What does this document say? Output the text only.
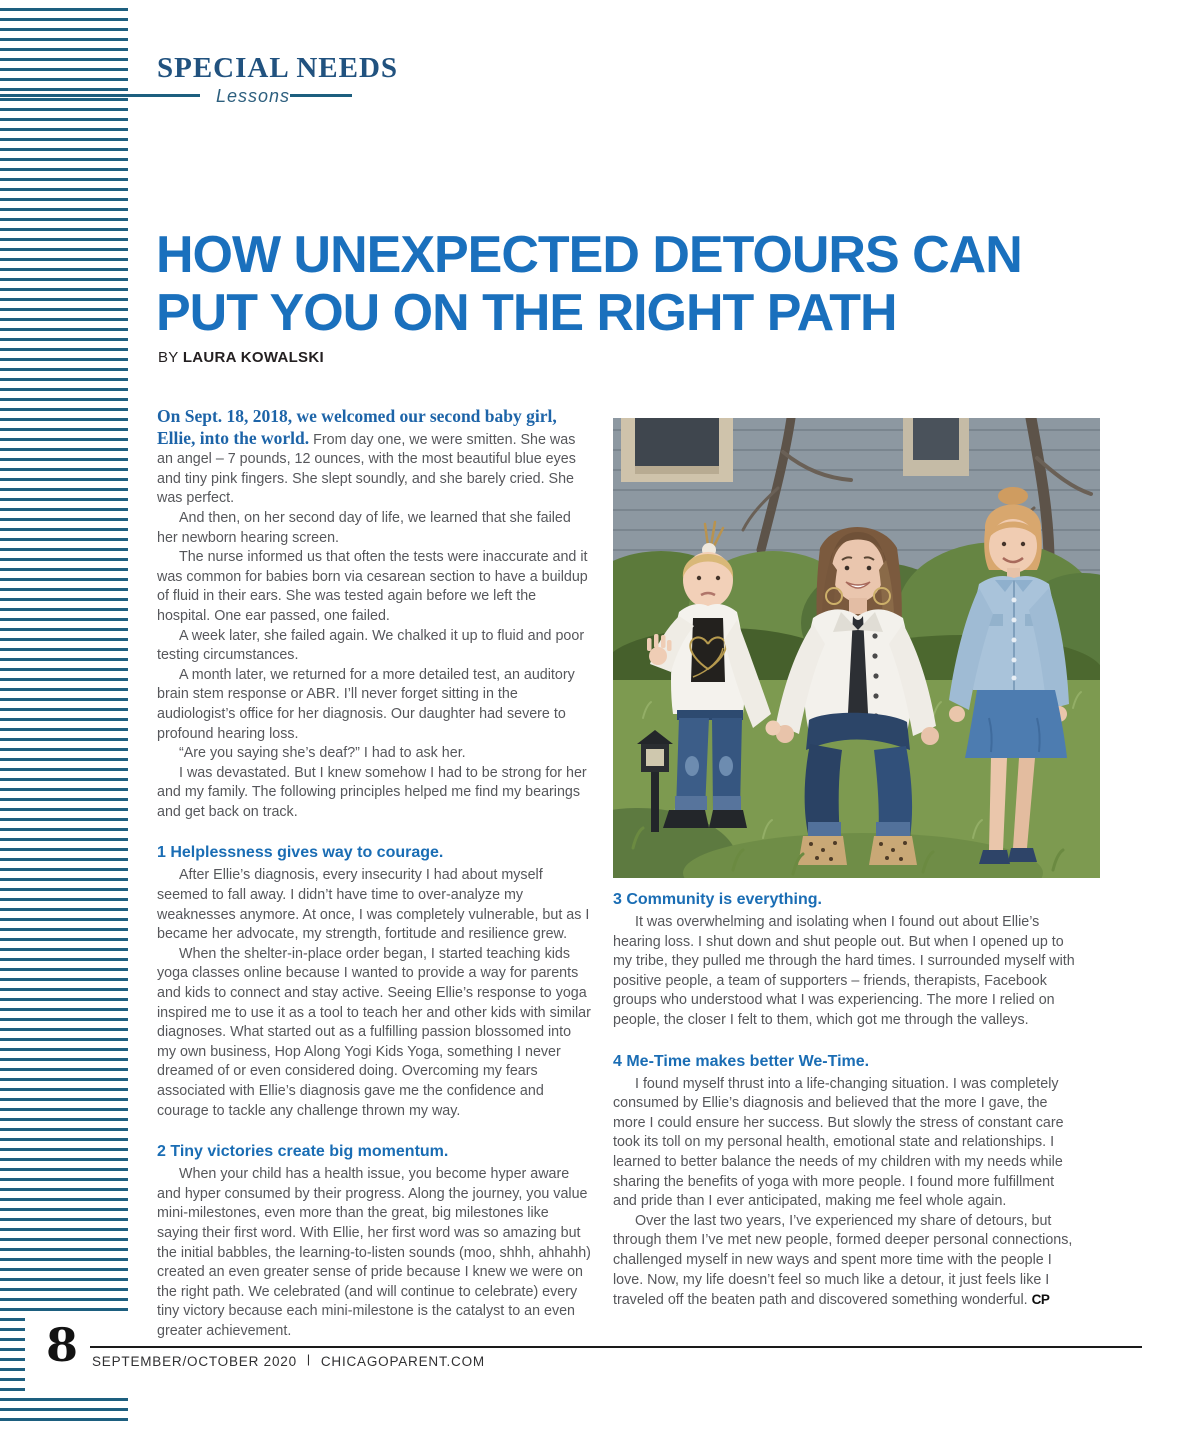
SPECIAL NEEDS
Lessons
HOW UNEXPECTED DETOURS CAN PUT YOU ON THE RIGHT PATH
BY LAURA KOWALSKI

On Sept. 18, 2018, we welcomed our second baby girl, Ellie, into the world. From day one, we were smitten. She was an angel – 7 pounds, 12 ounces, with the most beautiful blue eyes and tiny pink fingers. She slept soundly, and she barely cried. She was perfect.

And then, on her second day of life, we learned that she failed her newborn hearing screen.

The nurse informed us that often the tests were inaccurate and it was common for babies born via cesarean section to have a buildup of fluid in their ears. She was tested again before we left the hospital. One ear passed, one failed.

A week later, she failed again. We chalked it up to fluid and poor testing circumstances.

A month later, we returned for a more detailed test, an auditory brain stem response or ABR. I’ll never forget sitting in the audiologist’s office for her diagnosis. Our daughter had severe to profound hearing loss.

“Are you saying she’s deaf?” I had to ask her.

I was devastated. But I knew somehow I had to be strong for her and my family. The following principles helped me find my bearings and get back on track.

1 Helplessness gives way to courage.

After Ellie’s diagnosis, every insecurity I had about myself seemed to fall away. I didn’t have time to over-analyze my weaknesses anymore. At once, I was completely vulnerable, but as I became her advocate, my strength, fortitude and resilience grew.

When the shelter-in-place order began, I started teaching kids yoga classes online because I wanted to provide a way for parents and kids to connect and stay active. Seeing Ellie’s response to yoga inspired me to use it as a tool to teach her and other kids with similar diagnoses. What started out as a fulfilling passion blossomed into my own business, Hop Along Yogi Kids Yoga, something I never dreamed of or even considered doing. Overcoming my fears associated with Ellie’s diagnosis gave me the confidence and courage to tackle any challenge thrown my way.

2 Tiny victories create big momentum.

When your child has a health issue, you become hyper aware and hyper consumed by their progress. Along the journey, you value mini-milestones, even more than the great, big milestones like saying their first word. With Ellie, her first word was so amazing but the initial babbles, the learning-to-listen sounds (moo, shhh, ahhahh) created an even greater sense of pride because I knew we were on the right path. We celebrated (and will continue to celebrate) every tiny victory because each mini-milestone is the catalyst to an even greater achievement.

3 Community is everything.

It was overwhelming and isolating when I found out about Ellie’s hearing loss. I shut down and shut people out. But when I opened up to my tribe, they pulled me through the hard times. I surrounded myself with positive people, a team of supporters – friends, therapists, Facebook groups who understood what I was experiencing. The more I relied on people, the closer I felt to them, which got me through the valleys.

4 Me-Time makes better We-Time.

I found myself thrust into a life-changing situation. I was completely consumed by Ellie’s diagnosis and believed that the more I gave, the more I could ensure her success. But slowly the stress of constant care took its toll on my personal health, emotional state and relationships. I learned to better balance the needs of my children with my needs while sharing the benefits of yoga with more people. I found more fulfillment and pride than I ever anticipated, making me feel whole again.

Over the last two years, I’ve experienced my share of detours, but through them I’ve met new people, formed deeper personal connections, challenged myself in new ways and spent more time with the people I love. Now, my life doesn’t feel so much like a detour, it just feels like I traveled off the beaten path and discovered something wonderful. CP

8 SEPTEMBER/OCTOBER 2020 | CHICAGOPARENT.COM
